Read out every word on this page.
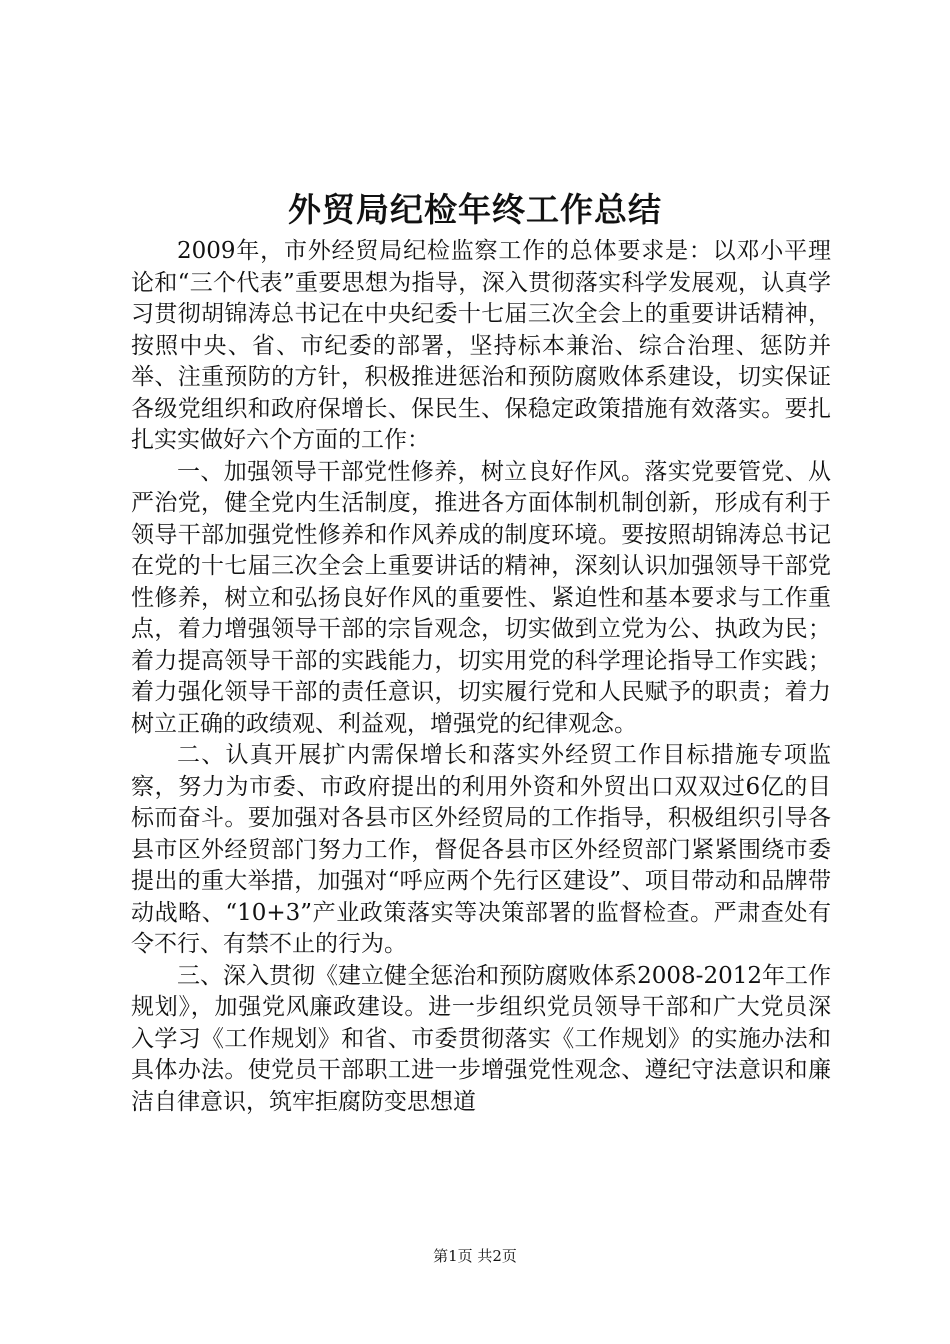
外贸局纪检年终工作总结

2009年，市外经贸局纪检监察工作的总体要求是：以邓小平理论和“三个代表”重要思想为指导，深入贯彻落实科学发展观，认真学习贯彻胡锦涛总书记在中央纪委十七届三次全会上的重要讲话精神，按照中央、省、市纪委的部署，坚持标本兼治、综合治理、惩防并举、注重预防的方针，积极推进惩治和预防腐败体系建设，切实保证各级党组织和政府保增长、保民生、保稳定政策措施有效落实。要扎扎实实做好六个方面的工作：

一、加强领导干部党性修养，树立良好作风。落实党要管党、从严治党，健全党内生活制度，推进各方面体制机制创新，形成有利于领导干部加强党性修养和作风养成的制度环境。要按照胡锦涛总书记在党的十七届三次全会上重要讲话的精神，深刻认识加强领导干部党性修养，树立和弘扬良好作风的重要性、紧迫性和基本要求与工作重点，着力增强领导干部的宗旨观念，切实做到立党为公、执政为民；着力提高领导干部的实践能力，切实用党的科学理论指导工作实践；着力强化领导干部的责任意识，切实履行党和人民赋予的职责；着力树立正确的政绩观、利益观，增强党的纪律观念。

二、认真开展扩内需保增长和落实外经贸工作目标措施专项监察，努力为市委、市政府提出的利用外资和外贸出口双双过6亿的目标而奋斗。要加强对各县市区外经贸局的工作指导，积极组织引导各县市区外经贸部门努力工作，督促各县市区外经贸部门紧紧围绕市委提出的重大举措，加强对“呼应两个先行区建设”、项目带动和品牌带动战略、“10+3”产业政策落实等决策部署的监督检查。严肃查处有令不行、有禁不止的行为。

三、深入贯彻《建立健全惩治和预防腐败体系2008-2012年工作规划》，加强党风廉政建设。进一步组织党员领导干部和广大党员深入学习《工作规划》和省、市委贯彻落实《工作规划》的实施办法和具体办法。使党员干部职工进一步增强党性观念、遵纪守法意识和廉洁自律意识，筑牢拒腐防变思想道

第1页 共2页
